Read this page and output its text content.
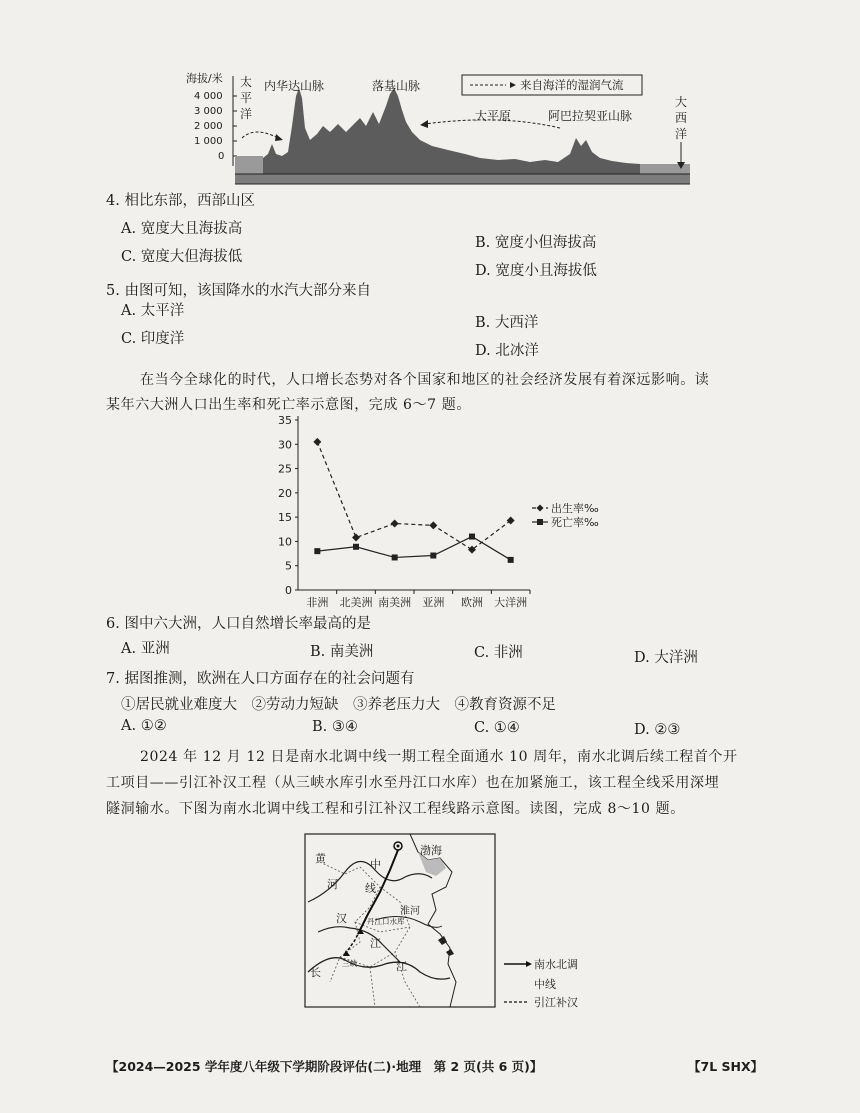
海拔/米
4 000
3 000
2 000
1 000
0
太
平
洋
大
西
洋
内华达山脉	落基山脉
大平原	阿巴拉契亚山脉
来自海洋的湿润气流
4. 相比东部，西部山区
A. 宽度大且海拔高
C. 宽度大但海拔低
B. 宽度小但海拔高
D. 宽度小且海拔低
5. 由图可知，该国降水的水汽大部分来自
A. 太平洋
C. 印度洋
B. 大西洋
D. 北冰洋
在当今全球化的时代，人口增长态势对各个国家和地区的社会经济发展有着深远影响。读
某年六大洲人口出生率和死亡率示意图，完成 6～7 题。
35
30
25
20
15
10
5
0
非洲 北美洲 南美洲 亚洲 欧洲 大洋洲
出生率‰
死亡率‰
6. 图中六大洲，人口自然增长率最高的是
A. 亚洲	B. 南美洲	C. 非洲	D. 大洋洲
7. 据图推测，欧洲在人口方面存在的社会问题有
①居民就业难度大　②劳动力短缺　③养老压力大　④教育资源不足
A. ①②	B. ③④	C. ①④	D. ②③
2024 年 12 月 12 日是南水北调中线一期工程全面通水 10 周年，南水北调后续工程首个开
工项目——引江补汉工程（从三峡水库引水至丹江口水库）也在加紧施工，该工程全线采用深埋
隧洞输水。下图为南水北调中线工程和引江补汉工程线路示意图。读图，完成 8～10 题。
黄
河
中
线
渤海
汉
江
丹江口水库
淮河
三峡
长	江	南水北调
中线
引江补汉
【2024—2025 学年度八年级下学期阶段评估(二)·地理　第 2 页(共 6 页)】	【7L SHX】
